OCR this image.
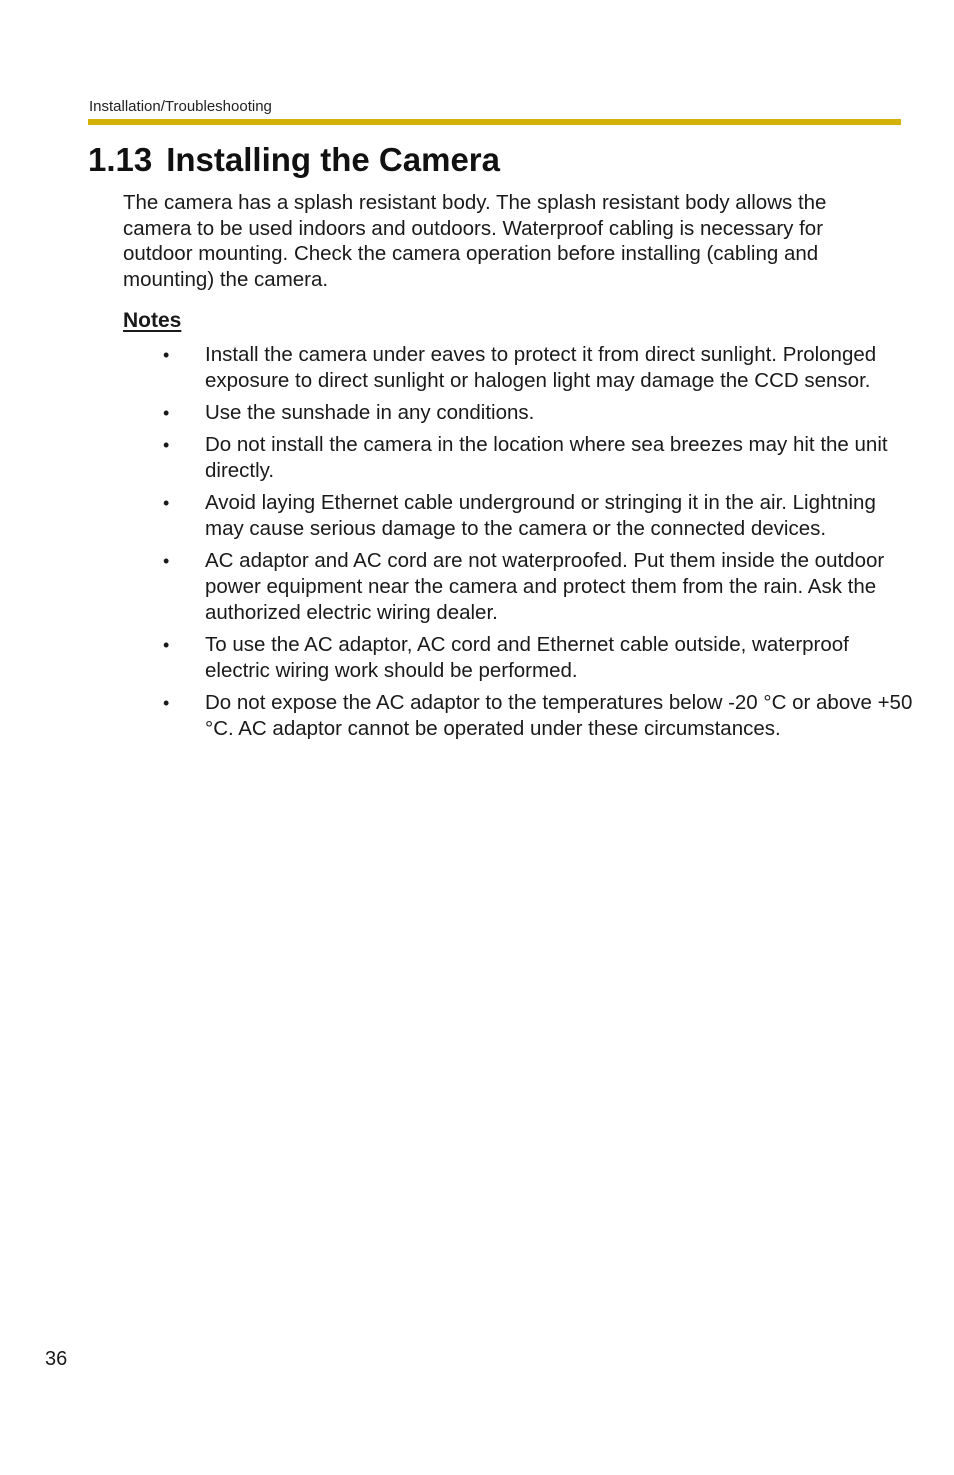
Installation/Troubleshooting
1.13 Installing the Camera

The camera has a splash resistant body. The splash resistant body allows the camera to be used indoors and outdoors. Waterproof cabling is necessary for outdoor mounting. Check the camera operation before installing (cabling and mounting) the camera.

Notes
•	Install the camera under eaves to protect it from direct sunlight. Prolonged exposure to direct sunlight or halogen light may damage the CCD sensor.
•	Use the sunshade in any conditions.
•	Do not install the camera in the location where sea breezes may hit the unit directly.
•	Avoid laying Ethernet cable underground or stringing it in the air. Lightning may cause serious damage to the camera or the connected devices.
•	AC adaptor and AC cord are not waterproofed. Put them inside the outdoor power equipment near the camera and protect them from the rain. Ask the authorized electric wiring dealer.
•	To use the AC adaptor, AC cord and Ethernet cable outside, waterproof electric wiring work should be performed.
•	Do not expose the AC adaptor to the temperatures below -20 °C or above +50 °C. AC adaptor cannot be operated under these circumstances.
36
